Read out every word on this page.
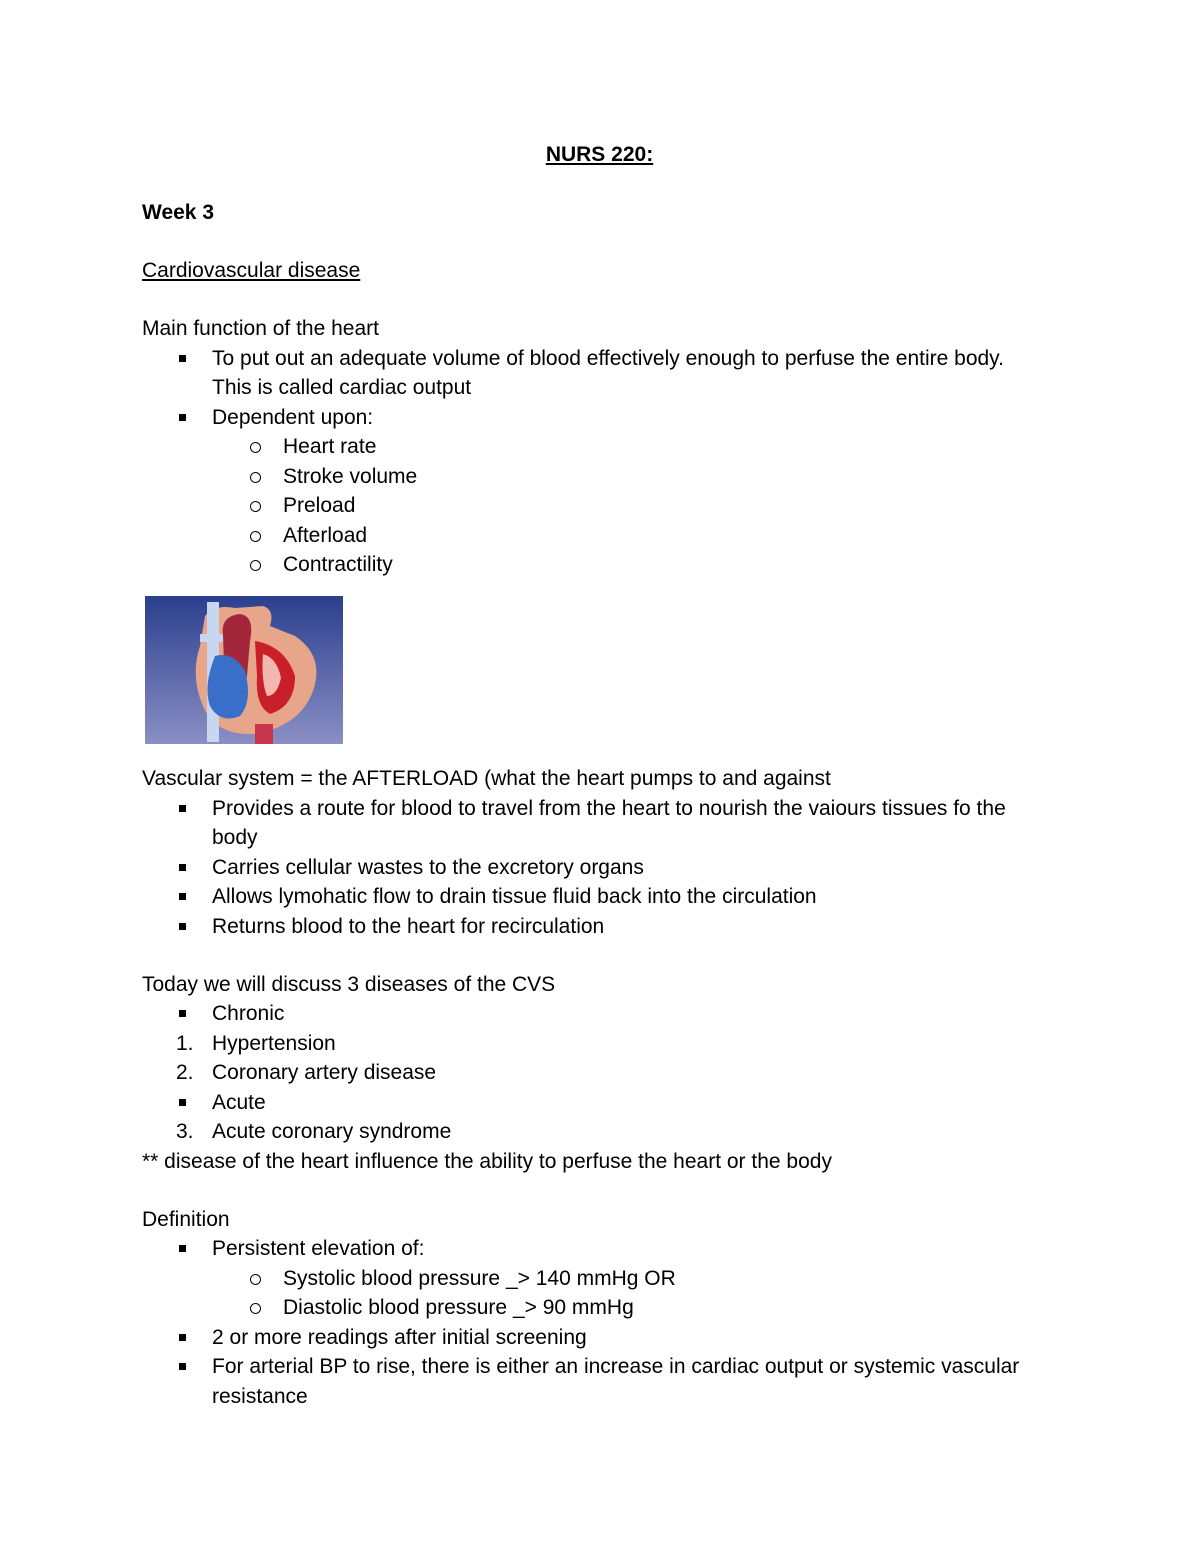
NURS 220:

Week 3

Cardiovascular disease

Main function of the heart

To put out an adequate volume of blood effectively enough to perfuse the entire body. This is called cardiac output
Dependent upon:
Heart rate
Stroke volume
Preload
Afterload
Contractility

Vascular system = the AFTERLOAD (what the heart pumps to and against

Provides a route for blood to travel from the heart to nourish the vaiours tissues fo the body
Carries cellular wastes to the excretory organs
Allows lymohatic flow to drain tissue fluid back into the circulation
Returns blood to the heart for recirculation

Today we will discuss 3 diseases of the CVS

Chronic
1. Hypertension
2. Coronary artery disease
Acute
3. Acute coronary syndrome

** disease of the heart influence the ability to perfuse the heart or the body

Definition

Persistent elevation of:
Systolic blood pressure _> 140 mmHg OR
Diastolic blood pressure _> 90 mmHg
2 or more readings after initial screening
For arterial BP to rise, there is either an increase in cardiac output or systemic vascular resistance
